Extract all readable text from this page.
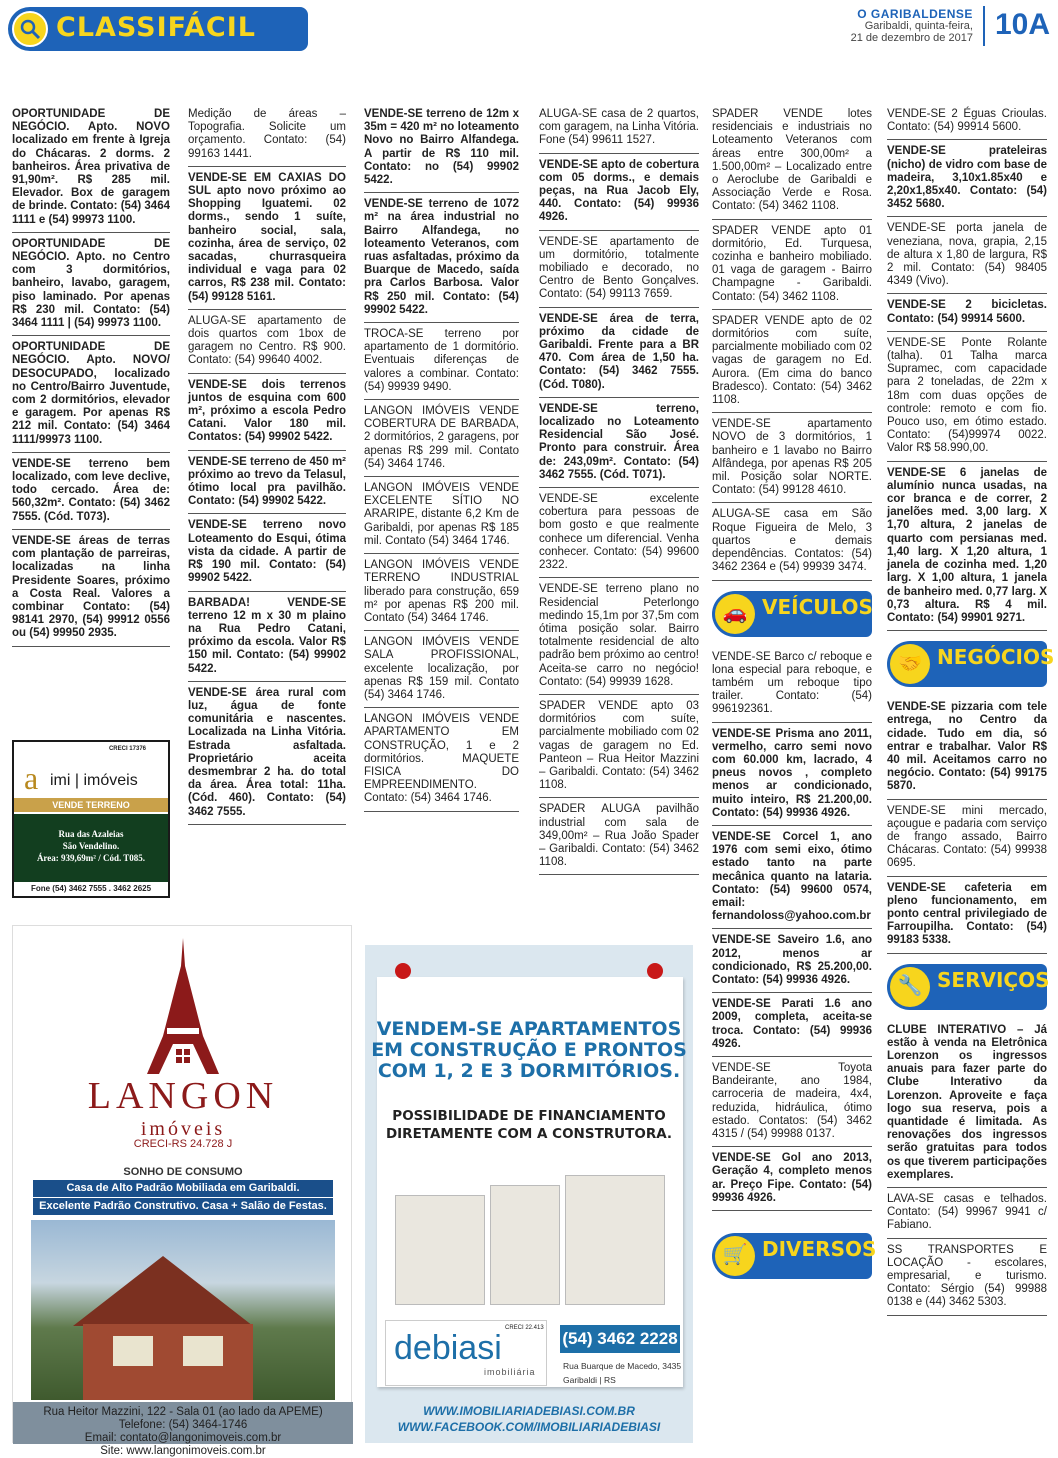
CLASSIFÁCIL	O GARIBALDENSE
Garibaldi, quinta-feira,
21 de dezembro de 2017 10A
OPORTUNIDADE DE NEGÓCIO. Apto. NOVO localizado em frente à Igreja do Chácaras. 2 dorms. 2 banheiros. Área privativa de 91,90m². R$ 285 mil. Elevador. Box de garagem de brinde. Contato: (54) 3464 1111 e (54) 99973 1100.
OPORTUNIDADE DE NEGÓCIO. Apto. no Centro com 3 dormitórios, banheiro, lavabo, garagem, piso laminado. Por apenas R$ 230 mil. Contato: (54) 3464 1111 | (54) 99973 1100.
OPORTUNIDADE DE NEGÓCIO. Apto. NOVO/ DESOCUPADO, localizado no Centro/Bairro Juventude, com 2 dormitórios, elevador e garagem. Por apenas R$ 212 mil. Contato: (54) 3464 1111/99973 1100.
VENDE-SE terreno bem localizado, com leve declive, todo cercado. Área de: 560,32m². Contato: (54) 3462 7555. (Cód. T073).
VENDE-SE áreas de terras com plantação de parreiras, localizadas na linha Presidente Soares, próximo a Costa Real. Valores a combinar Contato: (54) 98141 2970, (54) 99912 0556 ou (54) 99950 2935.
Medição de áreas – Topografia. Solicite um orçamento. Contato: (54) 99163 1441.
VENDE-SE EM CAXIAS DO SUL apto novo próximo ao Shopping Iguatemi. 02 dorms., sendo 1 suíte, banheiro social, sala, cozinha, área de serviço, 02 sacadas, churrasqueira individual e vaga para 02 carros, R$ 238 mil. Contato: (54) 99128 5161.
ALUGA-SE apartamento de dois quartos com 1box de garagem no Centro. R$ 900. Contato: (54) 99640 4002.
VENDE-SE dois terrenos juntos de esquina com 600 m², próximo a escola Pedro Catani. Valor 180 mil. Contatos: (54) 99902 5422.
VENDE-SE terreno de 450 m² próximo ao trevo da Telasul, ótimo local pra pavilhão. Contato: (54) 99902 5422.
VENDE-SE terreno novo Loteamento do Esqui, ótima vista da cidade. A partir de R$ 190 mil. Contato: (54) 99902 5422.
BARBADA! VENDE-SE terreno 12 m x 30 m plaino na Rua Pedro Catani, próximo da escola. Valor R$ 150 mil. Contato: (54) 99902 5422.
VENDE-SE área rural com luz, água de fonte comunitária e nascentes. Localizada na Linha Vitória. Estrada asfaltada. Proprietário aceita desmembrar 2 ha. do total da área. Área total: 11ha. (Cód. 460). Contato: (54) 3462 7555.
VENDE-SE terreno de 12m x 35m = 420 m² no loteamento Novo no Bairro Alfandega. A partir de R$ 110 mil. Contato: no (54) 99902 5422.
VENDE-SE terreno de 1072 m² na área industrial no Bairro Alfandega, no loteamento Veteranos, com ruas asfaltadas, próximo da Buarque de Macedo, saída pra Carlos Barbosa. Valor R$ 250 mil. Contato: (54) 99902 5422.
TROCA-SE terreno por apartamento de 1 dormitório. Eventuais diferenças de valores a combinar. Contato: (54) 99939 9490.
LANGON IMÓVEIS VENDE COBERTURA DE BARBADA, 2 dormitórios, 2 garagens, por apenas R$ 299 mil. Contato (54) 3464 1746.
LANGON IMÓVEIS VENDE EXCELENTE SÍTIO NO ARARIPE, distante 6,2 Km de Garibaldi, por apenas R$ 185 mil. Contato (54) 3464 1746.
LANGON IMÓVEIS VENDE TERRENO INDUSTRIAL liberado para construção, 659 m² por apenas R$ 200 mil. Contato (54) 3464 1746.
LANGON IMÓVEIS VENDE SALA PROFISSIONAL, excelente localização, por apenas R$ 159 mil. Contato (54) 3464 1746.
LANGON IMÓVEIS VENDE APARTAMENTO EM CONSTRUÇÃO, 1 e 2 dormitórios. MAQUETE FISICA DO EMPREENDIMENTO. Contato: (54) 3464 1746.
ALUGA-SE casa de 2 quartos, com garagem, na Linha Vitória. Fone (54) 99611 1527.
VENDE-SE apto de cobertura com 05 dorms., e demais peças, na Rua Jacob Ely, 440. Contato: (54) 99936 4926.
VENDE-SE apartamento de um dormitório, totalmente mobiliado e decorado, no Centro de Bento Gonçalves. Contato: (54) 99113 7659.
VENDE-SE área de terra, próximo da cidade de Garibaldi. Frente para a BR 470. Com área de 1,50 ha. Contato: (54) 3462 7555. (Cód. T080).
VENDE-SE terreno, localizado no Loteamento Residencial São José. Pronto para construir. Área de: 243,09m². Contato: (54) 3462 7555. (Cód. T071).
VENDE-SE excelente cobertura para pessoas de bom gosto e que realmente conhece um diferencial. Venha conhecer. Contato: (54) 99600 2322.
VENDE-SE terreno plano no Residencial Peterlongo medindo 15,1m por 37,5m com ótima posição solar. Bairro totalmente residencial de alto padrão bem próximo ao centro! Aceita-se carro no negócio! Contato: (54) 99939 1628.
SPADER VENDE apto 03 dormitórios com suíte, parcialmente mobiliado com 02 vagas de garagem no Ed. Panteon – Rua Heitor Mazzini – Garibaldi. Contato: (54) 3462 1108.
SPADER ALUGA pavilhão industrial com sala de 349,00m² – Rua João Spader – Garibaldi. Contato: (54) 3462 1108.
SPADER VENDE lotes residenciais e industriais no Loteamento Veteranos com áreas entre 300,00m² a 1.500,00m² – Localizado entre o Aeroclube de Garibaldi e Associação Verde e Rosa. Contato: (54) 3462 1108.
SPADER VENDE apto 01 dormitório, Ed. Turquesa, cozinha e banheiro mobiliado. 01 vaga de garagem - Bairro Champagne - Garibaldi. Contato: (54) 3462 1108.
SPADER VENDE apto de 02 dormitórios com suíte, parcialmente mobiliado com 02 vagas de garagem no Ed. Aurora. (Em cima do banco Bradesco). Contato: (54) 3462 1108.
VENDE-SE apartamento NOVO de 3 dormitórios, 1 banheiro e 1 lavabo no Bairro Alfândega, por apenas R$ 205 mil. Posição solar NORTE. Contato: (54) 99128 4610.
ALUGA-SE casa em São Roque Figueira de Melo, 3 quartos e demais dependências. Contatos: (54) 3462 2364 e (54) 99939 3474.
🚗 VEÍCULOS
VENDE-SE Barco c/ reboque e lona especial para reboque, e também um reboque tipo trailer. Contato: (54) 996192361.
VENDE-SE Prisma ano 2011, vermelho, carro semi novo com 60.000 km, lacrado, 4 pneus novos , completo menos ar condicionado, muito inteiro, R$ 21.200,00. Contato: (54) 99936 4926.
VENDE-SE Corcel 1, ano 1976 com semi eixo, ótimo estado tanto na parte mecânica quanto na lataria. Contato: (54) 99600 0574, email: fernandoloss@yahoo.com.br
VENDE-SE Saveiro 1.6, ano 2012, menos ar condicionado, R$ 25.200,00. Contato: (54) 99936 4926.
VENDE-SE Parati 1.6 ano 2009, completa, aceita-se troca. Contato: (54) 99936 4926.
VENDE-SE Toyota Bandeirante, ano 1984, carroceria de madeira, 4x4, reduzida, hidráulica, ótimo estado. Contatos: (54) 3462 4315 / (54) 99988 0137.
VENDE-SE Gol ano 2013, Geração 4, completo menos ar. Preço Fipe. Contato: (54) 99936 4926.
🛒 DIVERSOS
VENDE-SE 2 Éguas Crioulas. Contato: (54) 99914 5600.
VENDE-SE prateleiras (nicho) de vidro com base de madeira, 3,10x1.85x40 e 2,20x1,85x40. Contato: (54) 3452 5680.
VENDE-SE porta janela de veneziana, nova, grapia, 2,15 de altura x 1,80 de largura, R$ 2 mil. Contato: (54) 98405 4349 (Vivo).
VENDE-SE 2 bicicletas. Contato: (54) 99914 5600.
VENDE-SE Ponte Rolante (talha). 01 Talha marca Supramec, com capacidade para 2 toneladas, de 22m x 18m com duas opções de controle: remoto e com fio. Pouco uso, em ótimo estado. Contato: (54)99974 0022. Valor R$ 58.990,00.
VENDE-SE 6 janelas de alumínio nunca usadas, na cor branca e de correr, 2 janelões med. 3,00 larg. X 1,70 altura, 2 janelas de quarto com persianas med. 1,40 larg. X 1,20 altura, 1 janela de cozinha med. 1,20 larg. X 1,00 altura, 1 janela de banheiro med. 0,77 larg. X 0,73 altura. R$ 4 mil. Contato: (54) 99901 9271.
🤝 NEGÓCIOS
VENDE-SE pizzaria com tele entrega, no Centro da cidade. Tudo em dia, só entrar e trabalhar. Valor R$ 40 mil. Aceitamos carro no negócio. Contato: (54) 99175 5870.
VENDE-SE mini mercado, açougue e padaria com serviço de frango assado, Bairro Chácaras. Contato: (54) 99938 0695.
VENDE-SE cafeteria em pleno funcionamento, em ponto central privilegiado de Farroupilha. Contato: (54) 99183 5338.
🔧 SERVIÇOS
CLUBE INTERATIVO – Já estão à venda na Eletrônica Lorenzon os ingressos anuais para fazer parte do Clube Interativo da Lorenzon. Aproveite e faça logo sua reserva, pois a quantidade é limitada. As renovações dos ingressos serão gratuitas para todos os que tiverem participações exemplares.
LAVA-SE casas e telhados. Contato: (54) 99967 9941 c/ Fabiano.
SS TRANSPORTES E LOCAÇÃO - escolares, empresarial, e turismo. Contato: Sérgio (54) 99988 0138 e (44) 3462 5303.
CRECI 17376
a imi | imóveis
VENDE TERRENO
Rua das Azaleias
São Vendelino.
Área: 939,69m² / Cód. T085.
Fone (54) 3462 7555 . 3462 2625
LANGON
imóveis
CRECI-RS 24.728 J
SONHO DE CONSUMO
Casa de Alto Padrão Mobiliada em Garibaldi.
Excelente Padrão Construtivo. Casa + Salão de Festas.
Rua Heitor Mazzini, 122 - Sala 01 (ao lado da APEME)
Telefone: (54) 3464-1746
Email: contato@langonimoveis.com.br
Site: www.langonimoveis.com.br
VENDEM-SE APARTAMENTOS
EM CONSTRUÇÃO E PRONTOS
COM 1, 2 E 3 DORMITÓRIOS.
POSSIBILIDADE DE FINANCIAMENTO
DIRETAMENTE COM A CONSTRUTORA.
debiasi
imobiliária
CRECI 22.413
(54) 3462 2228
Rua Buarque de Macedo, 3435
Garibaldi | RS
WWW.IMOBILIARIADEBIASI.COM.BR
WWW.FACEBOOK.COM/IMOBILIARIADEBIASI
